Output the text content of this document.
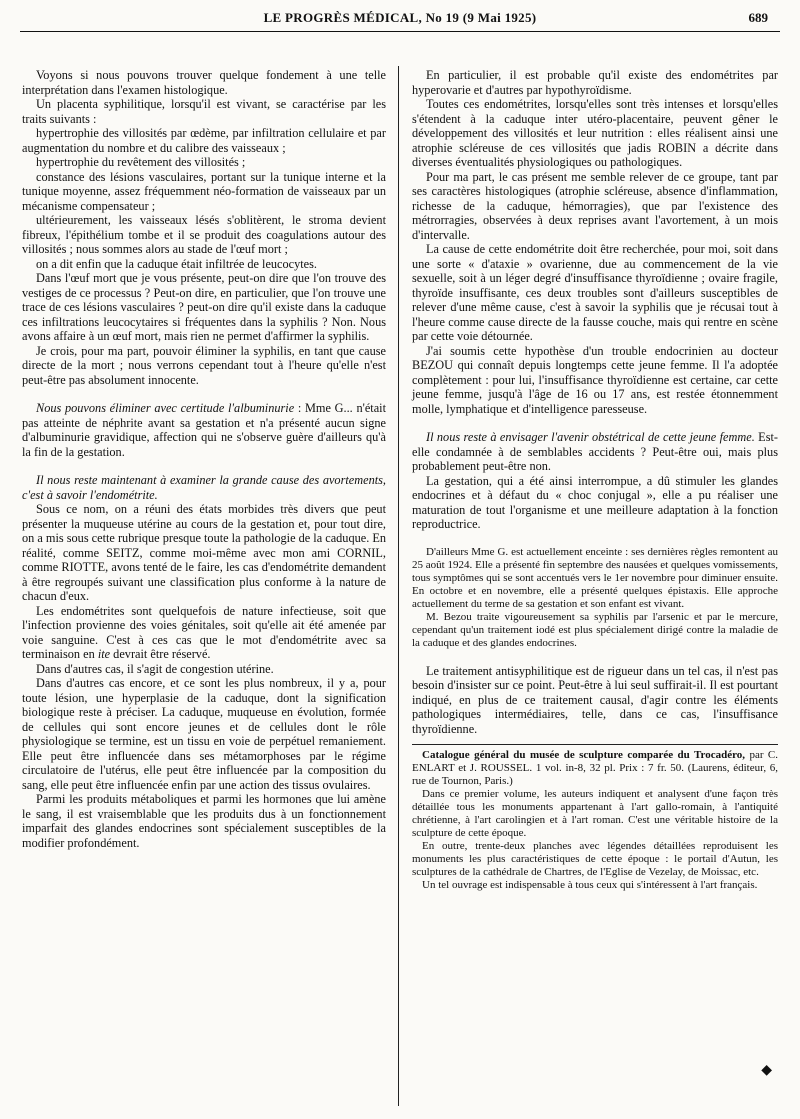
LE PROGRÈS MÉDICAL, No 19 (9 Mai 1925)	689

Voyons si nous pouvons trouver quelque fondement à une telle interprétation dans l'examen histologique.

Un placenta syphilitique, lorsqu'il est vivant, se caractérise par les traits suivants :

hypertrophie des villosités par œdème, par infiltration cellulaire et par augmentation du nombre et du calibre des vaisseaux ;

hypertrophie du revêtement des villosités ;

constance des lésions vasculaires, portant sur la tunique interne et la tunique moyenne, assez fréquemment néo-formation de vaisseaux par un mécanisme compensateur ;

ultérieurement, les vaisseaux lésés s'oblitèrent, le stroma devient fibreux, l'épithélium tombe et il se produit des coagulations autour des villosités ; nous sommes alors au stade de l'œuf mort ;

on a dit enfin que la caduque était infiltrée de leucocytes.

Dans l'œuf mort que je vous présente, peut-on dire que l'on trouve des vestiges de ce processus ? Peut-on dire, en particulier, que l'on trouve une trace de ces lésions vasculaires ? peut-on dire qu'il existe dans la caduque ces infiltrations leucocytaires si fréquentes dans la syphilis ? Non. Nous avons affaire à un œuf mort, mais rien ne permet d'affirmer la syphilis.

Je crois, pour ma part, pouvoir éliminer la syphilis, en tant que cause directe de la mort ; nous verrons cependant tout à l'heure qu'elle n'est peut-être pas absolument innocente.

Nous pouvons éliminer avec certitude l'albuminurie : Mme G... n'était pas atteinte de néphrite avant sa gestation et n'a présenté aucun signe d'albuminurie gravidique, affection qui ne s'observe guère d'ailleurs qu'à la fin de la gestation.

Il nous reste maintenant à examiner la grande cause des avortements, c'est à savoir l'endométrite.

Sous ce nom, on a réuni des états morbides très divers que peut présenter la muqueuse utérine au cours de la gestation et, pour tout dire, on a mis sous cette rubrique presque toute la pathologie de la caduque. En réalité, comme SEITZ, comme moi-même avec mon ami CORNIL, comme RIOTTE, avons tenté de le faire, les cas d'endométrite demandent à être regroupés suivant une classification plus conforme à la nature de chacun d'eux.

Les endométrites sont quelquefois de nature infectieuse, soit que l'infection provienne des voies génitales, soit qu'elle ait été amenée par voie sanguine. C'est à ces cas que le mot d'endométrite avec sa terminaison en ite devrait être réservé.

Dans d'autres cas, il s'agit de congestion utérine.

Dans d'autres cas encore, et ce sont les plus nombreux, il y a, pour toute lésion, une hyperplasie de la caduque, dont la signification biologique reste à préciser. La caduque, muqueuse en évolution, formée de cellules qui sont encore jeunes et de cellules dont le rôle physiologique se termine, est un tissu en voie de perpétuel remaniement. Elle peut être influencée dans ses métamorphoses par le régime circulatoire de l'utérus, elle peut être influencée par la composition du sang, elle peut être influencée enfin par une action des tissus ovulaires.

Parmi les produits métaboliques et parmi les hormones que lui amène le sang, il est vraisemblable que les produits dus à un fonctionnement imparfait des glandes endocrines sont spécialement susceptibles de la modifier profondément.

En particulier, il est probable qu'il existe des endométrites par hyperovarie et d'autres par hypothyroïdisme.

Toutes ces endométrites, lorsqu'elles sont très intenses et lorsqu'elles s'étendent à la caduque inter utéro-placentaire, peuvent gêner le développement des villosités et leur nutrition : elles réalisent ainsi une atrophie scléreuse de ces villosités que jadis ROBIN a décrite dans diverses éventualités physiologiques ou pathologiques.

Pour ma part, le cas présent me semble relever de ce groupe, tant par ses caractères histologiques (atrophie scléreuse, absence d'inflammation, richesse de la caduque, hémorragies), que par l'existence des métrorragies, observées à deux reprises avant l'avortement, à un mois d'intervalle.

La cause de cette endométrite doit être recherchée, pour moi, soit dans une sorte « d'ataxie » ovarienne, due au commencement de la vie sexuelle, soit à un léger degré d'insuffisance thyroïdienne ; ovaire fragile, thyroïde insuffisante, ces deux troubles sont d'ailleurs susceptibles de relever d'une même cause, c'est à savoir la syphilis que je récusai tout à l'heure comme cause directe de la fausse couche, mais qui rentre en scène par cette voie détournée.

J'ai soumis cette hypothèse d'un trouble endocrinien au docteur BEZOU qui connaît depuis longtemps cette jeune femme. Il l'a adoptée complètement : pour lui, l'insuffisance thyroïdienne est certaine, car cette jeune femme, jusqu'à l'âge de 16 ou 17 ans, est restée étonnemment molle, lymphatique et d'intelligence paresseuse.

Il nous reste à envisager l'avenir obstétrical de cette jeune femme. Est-elle condamnée à de semblables accidents ? Peut-être oui, mais plus probablement peut-être non.

La gestation, qui a été ainsi interrompue, a dû stimuler les glandes endocrines et à défaut du « choc conjugal », elle a pu réaliser une maturation de tout l'organisme et une meilleure adaptation à la fonction reproductrice.

D'ailleurs Mme G. est actuellement enceinte : ses dernières règles remontent au 25 août 1924. Elle a présenté fin septembre des nausées et quelques vomissements, tous symptômes qui se sont accentués vers le 1er novembre pour diminuer ensuite. En octobre et en novembre, elle a présenté quelques épistaxis. Elle approche actuellement du terme de sa gestation et son enfant est vivant.

M. Bezou traite vigoureusement sa syphilis par l'arsenic et par le mercure, cependant qu'un traitement iodé est plus spécialement dirigé contre la maladie de la caduque et des glandes endocrines.

Le traitement antisyphilitique est de rigueur dans un tel cas, il n'est pas besoin d'insister sur ce point. Peut-être à lui seul suffirait-il. Il est pourtant indiqué, en plus de ce traitement causal, d'agir contre les éléments pathologiques intermédiaires, telle, dans ce cas, l'insuffisance thyroïdienne.

Catalogue général du musée de sculpture comparée du Trocadéro, par C. ENLART et J. ROUSSEL. 1 vol. in-8, 32 pl. Prix : 7 fr. 50. (Laurens, éditeur, 6, rue de Tournon, Paris.)

Dans ce premier volume, les auteurs indiquent et analysent d'une façon très détaillée tous les monuments appartenant à l'art gallo-romain, à l'antiquité chrétienne, à l'art carolingien et à l'art roman. C'est une véritable histoire de la sculpture de cette époque.

En outre, trente-deux planches avec légendes détaillées reproduisent les monuments les plus caractéristiques de cette époque : le portail d'Autun, les sculptures de la cathédrale de Chartres, de l'Eglise de Vezelay, de Moissac, etc.

Un tel ouvrage est indispensable à tous ceux qui s'intéressent à l'art français.

◆
